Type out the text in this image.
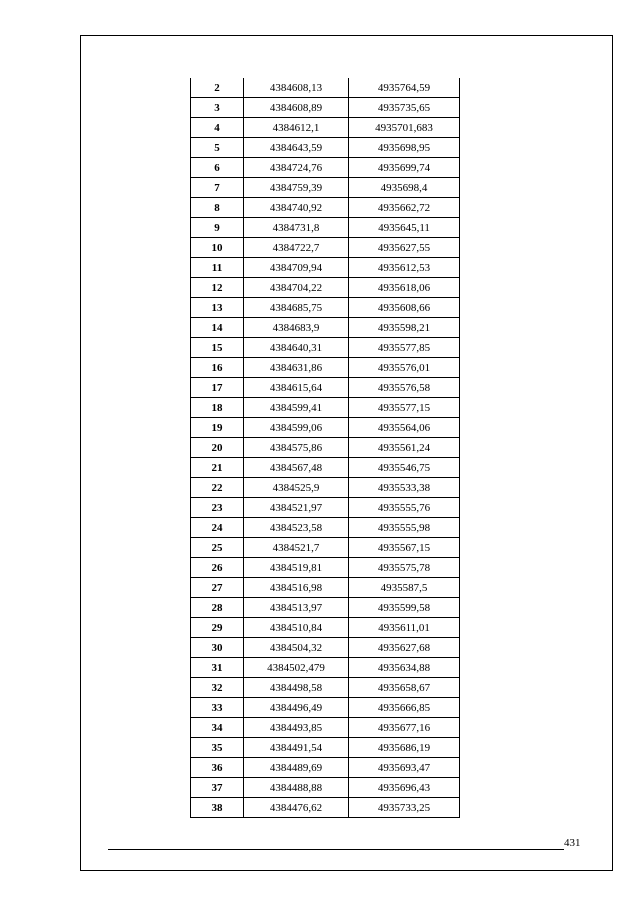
2	4384608,13	4935764,59
3	4384608,89	4935735,65
4	4384612,1	4935701,683
5	4384643,59	4935698,95
6	4384724,76	4935699,74
7	4384759,39	4935698,4
8	4384740,92	4935662,72
9	4384731,8	4935645,11
10	4384722,7	4935627,55
11	4384709,94	4935612,53
12	4384704,22	4935618,06
13	4384685,75	4935608,66
14	4384683,9	4935598,21
15	4384640,31	4935577,85
16	4384631,86	4935576,01
17	4384615,64	4935576,58
18	4384599,41	4935577,15
19	4384599,06	4935564,06
20	4384575,86	4935561,24
21	4384567,48	4935546,75
22	4384525,9	4935533,38
23	4384521,97	4935555,76
24	4384523,58	4935555,98
25	4384521,7	4935567,15
26	4384519,81	4935575,78
27	4384516,98	4935587,5
28	4384513,97	4935599,58
29	4384510,84	4935611,01
30	4384504,32	4935627,68
31	4384502,479	4935634,88
32	4384498,58	4935658,67
33	4384496,49	4935666,85
34	4384493,85	4935677,16
35	4384491,54	4935686,19
36	4384489,69	4935693,47
37	4384488,88	4935696,43
38	4384476,62	4935733,25
431
